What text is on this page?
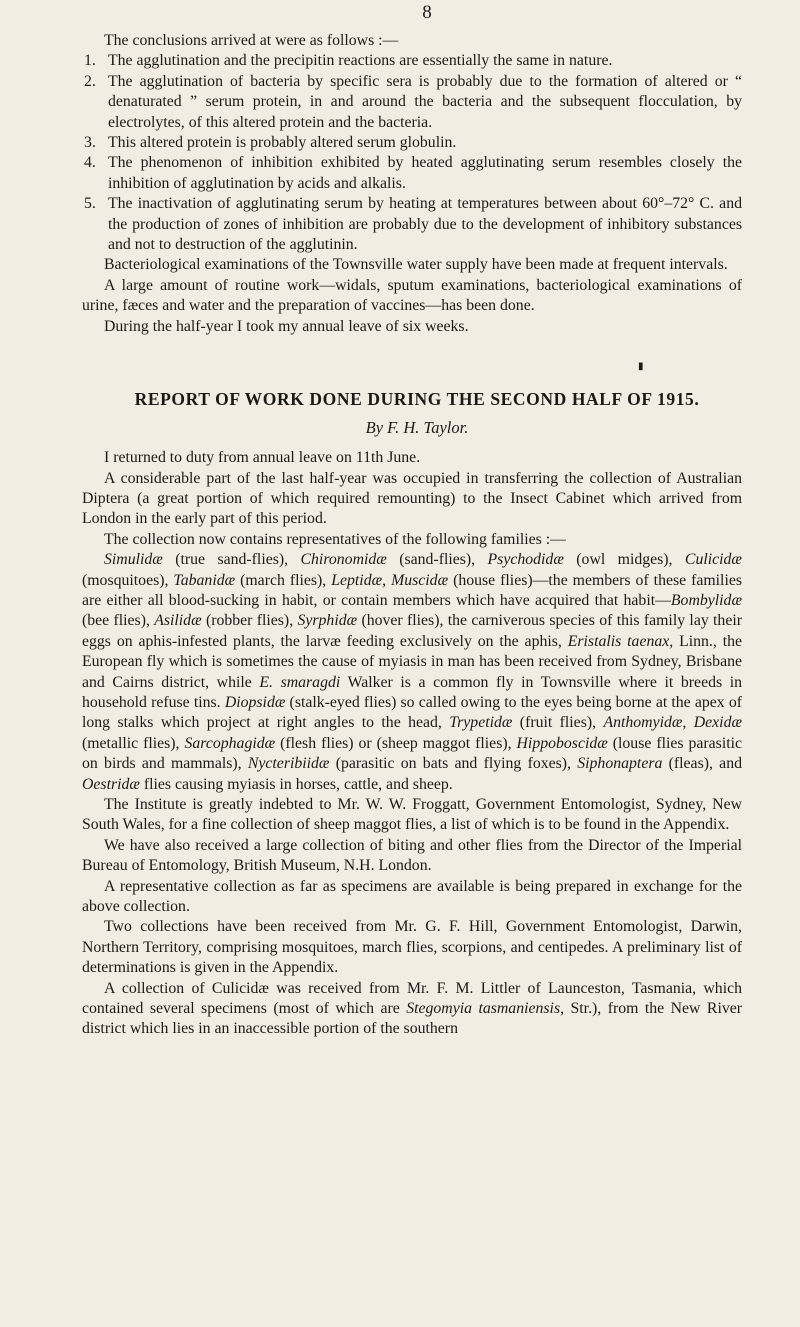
8

The conclusions arrived at were as follows :—

1. The agglutination and the precipitin reactions are essentially the same in nature.
2. The agglutination of bacteria by specific sera is probably due to the formation of altered or “ denaturated ” serum protein, in and around the bacteria and the subsequent flocculation, by electrolytes, of this altered protein and the bacteria.
3. This altered protein is probably altered serum globulin.
4. The phenomenon of inhibition exhibited by heated agglutinating serum resembles closely the inhibition of agglutination by acids and alkalis.
5. The inactivation of agglutinating serum by heating at temperatures between about 60°–72° C. and the production of zones of inhibition are probably due to the development of inhibitory substances and not to destruction of the agglutinin.

Bacteriological examinations of the Townsville water supply have been made at frequent intervals.

A large amount of routine work—widals, sputum examinations, bacteriological examinations of urine, fæces and water and the preparation of vaccines—has been done.

During the half-year I took my annual leave of six weeks.

▮
REPORT OF WORK DONE DURING THE SECOND HALF OF 1915.
By F. H. Taylor.

I returned to duty from annual leave on 11th June.

A considerable part of the last half-year was occupied in transferring the collection of Australian Diptera (a great portion of which required remounting) to the Insect Cabinet which arrived from London in the early part of this period.

The collection now contains representatives of the following families :—

Simulidæ (true sand-flies), Chironomidæ (sand-flies), Psychodidæ (owl midges), Culicidæ (mosquitoes), Tabanidæ (march flies), Leptidæ, Muscidæ (house flies)—the members of these families are either all blood-sucking in habit, or contain members which have acquired that habit—Bombylidæ (bee flies), Asilidæ (robber flies), Syrphidæ (hover flies), the carniverous species of this family lay their eggs on aphis-infested plants, the larvæ feeding exclusively on the aphis, Eristalis taenax, Linn., the European fly which is sometimes the cause of myiasis in man has been received from Sydney, Brisbane and Cairns district, while E. smaragdi Walker is a common fly in Townsville where it breeds in household refuse tins. Diopsidæ (stalk-eyed flies) so called owing to the eyes being borne at the apex of long stalks which project at right angles to the head, Trypetidæ (fruit flies), Anthomyidæ, Dexidæ (metallic flies), Sarcophagidæ (flesh flies) or (sheep maggot flies), Hippoboscidæ (louse flies parasitic on birds and mammals), Nycteribiidæ (parasitic on bats and flying foxes), Siphonaptera (fleas), and Oestridæ flies causing myiasis in horses, cattle, and sheep.

The Institute is greatly indebted to Mr. W. W. Froggatt, Government Entomologist, Sydney, New South Wales, for a fine collection of sheep maggot flies, a list of which is to be found in the Appendix.

We have also received a large collection of biting and other flies from the Director of the Imperial Bureau of Entomology, British Museum, N.H. London.

A representative collection as far as specimens are available is being prepared in exchange for the above collection.

Two collections have been received from Mr. G. F. Hill, Government Entomologist, Darwin, Northern Territory, comprising mosquitoes, march flies, scorpions, and centipedes. A preliminary list of determinations is given in the Appendix.

A collection of Culicidæ was received from Mr. F. M. Littler of Launceston, Tasmania, which contained several specimens (most of which are Stegomyia tasmaniensis, Str.), from the New River district which lies in an inaccessible portion of the southern
